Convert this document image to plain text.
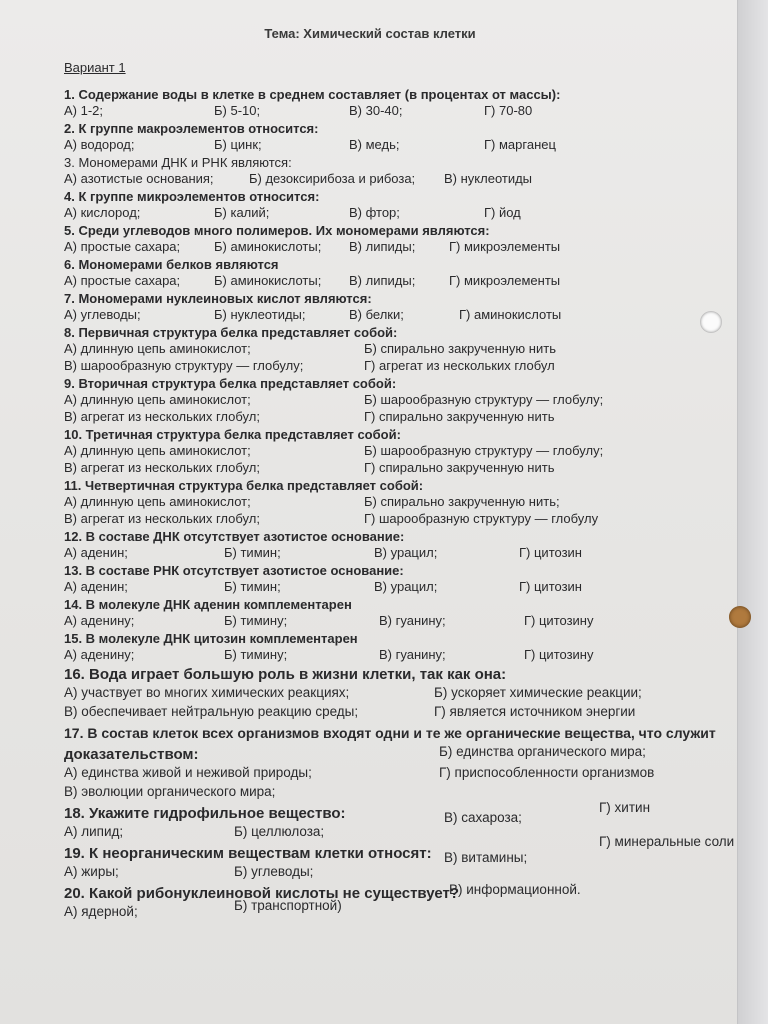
Тема: Химический состав клетки
Вариант 1
1. Содержание воды в клетке в среднем составляет (в процентах от массы):
А) 1-2;	Б) 5-10;	В) 30-40;	Г) 70-80
2. К группе макроэлементов относится:
А) водород;	Б) цинк;	В) медь;	Г) марганец
3. Мономерами ДНК и РНК являются:
А) азотистые основания;	Б) дезоксирибоза и рибоза; В) нуклеотиды
4. К группе микроэлементов относится:
А) кислород;	Б) калий;	В) фтор;	Г) йод
5. Среди углеводов много полимеров. Их мономерами являются:
А) простые сахара;	Б) аминокислоты; В) липиды;	Г) микроэлементы
6. Мономерами белков являются
А) простые сахара;	Б) аминокислоты; В) липиды;	Г) микроэлементы
7. Мономерами нуклеиновых кислот являются:
А) углеводы;	Б) нуклеотиды;	В) белки;	Г) аминокислоты
8. Первичная структура белка представляет собой:
А) длинную цепь аминокислот;	Б) спирально закрученную нить
В) шарообразную структуру — глобулу;	Г) агрегат из нескольких глобул
9. Вторичная структура белка представляет собой:
А) длинную цепь аминокислот;	Б) шарообразную структуру — глобулу;
В) агрегат из нескольких глобул;	Г) спирально закрученную нить
10. Третичная структура белка представляет собой:
А) длинную цепь аминокислот;	Б) шарообразную структуру — глобулу;
В) агрегат из нескольких глобул;	Г) спирально закрученную нить
11. Четвертичная структура белка представляет собой:
А) длинную цепь аминокислот;	Б) спирально закрученную нить;
В) агрегат из нескольких глобул;	Г) шарообразную структуру — глобулу
12. В составе ДНК отсутствует азотистое основание:
А) аденин;	Б) тимин;	В) урацил;	Г) цитозин
13. В составе РНК отсутствует азотистое основание:
А) аденин;	Б) тимин;	В) урацил;	Г) цитозин
14. В молекуле ДНК аденин комплементарен
А) аденину;	Б) тимину;	В) гуанину;	Г) цитозину
15. В молекуле ДНК цитозин комплементарен
А) аденину;	Б) тимину;	В) гуанину;	Г) цитозину
16. Вода играет большую роль в жизни клетки, так как она:
А) участвует во многих химических реакциях;	Б) ускоряет химические реакции;
В) обеспечивает нейтральную реакцию среды;	Г) является источником энергии
17. В состав клеток всех организмов входят одни и те же органические вещества, что служит
доказательством:
А) единства живой и неживой природы;
Б) единства органического мира;
В) эволюции органического мира;
Г) приспособленности организмов
18. Укажите гидрофильное вещество:
А) липид;	Б) целлюлоза;
В) сахароза;
Г) хитин
19. К неорганическим веществам клетки относят:
А) жиры;	Б) углеводы;
В) витамины;
Г) минеральные соли
20. Какой рибонуклеиновой кислоты не существует?
А) ядерной;	Б) транспортной)
В) информационной.
